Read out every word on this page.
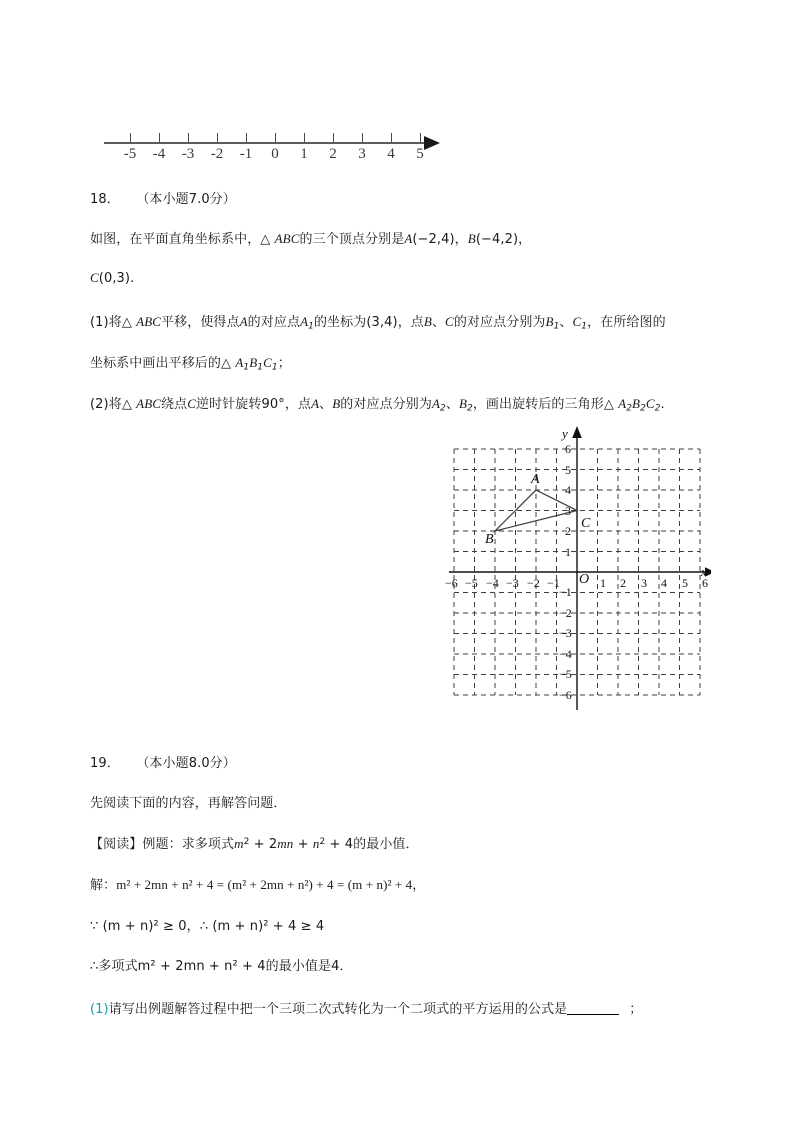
-5	-4	-3	-2	-1	0	1	2	3	4	5
18． （本小题7.0分）
如图，在平面直角坐标系中，△ ABC的三个顶点分别是A(−2,4)，B(−4,2)，
C(0,3).
(1)将△ ABC平移，使得点A的对应点$A_1$的坐标为(3,4)，点B、C的对应点分别为$B_1$、$C_1$，在所给图的
坐标系中画出平移后的△ $A_1B_1C_1$；
(2)将△ ABC绕点C逆时针旋转90°，点A、B的对应点分别为$A_2$、$B_2$，画出旋转后的三角形△ $A_2B_2C_2$.
y
x
O
−6 −5 −4 −3 −2 −1	1 2 3 4 5 6
6
5
4
3
2
1
−1
−2
−3
−4
−5
−6
A
B
C
19． （本小题8.0分）
先阅读下面的内容，再解答问题．
【阅读】例题：求多项式$m^2 + 2mn + n^2 + 4$的最小值．
解：m² + 2mn + n² + 4 = (m² + 2mn + n²) + 4 = (m + n)² + 4，
∵ (m + n)² ≥ 0，∴ (m + n)² + 4 ≥ 4
∴多项式m² + 2mn + n² + 4的最小值是4．
(1)请写出例题解答过程中把一个三项二次式转化为一个二项式的平方运用的公式是	；
